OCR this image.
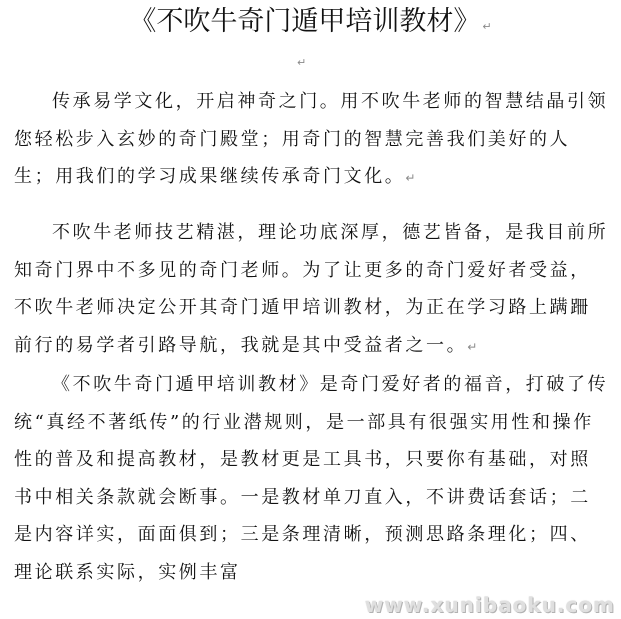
《不吹牛奇门遁甲培训教材》 ↵
↵

传承易学文化，开启神奇之门。用不吹牛老师的智慧结晶引领您轻松步入玄妙的奇门殿堂；用奇门的智慧完善我们美好的人生；用我们的学习成果继续传承奇门文化。↵

不吹牛老师技艺精湛，理论功底深厚，德艺皆备，是我目前所知奇门界中不多见的奇门老师。为了让更多的奇门爱好者受益，不吹牛老师决定公开其奇门遁甲培训教材，为正在学习路上蹒跚前行的易学者引路导航，我就是其中受益者之一。↵

《不吹牛奇门遁甲培训教材》是奇门爱好者的福音，打破了传统“真经不著纸传”的行业潜规则，是一部具有很强实用性和操作性的普及和提高教材，是教材更是工具书，只要你有基础，对照书中相关条款就会断事。一是教材单刀直入，不讲费话套话；二是内容详实，面面俱到；三是条理清晰，预测思路条理化；四、理论联系实际，实例丰富

www.xunibaoku.com
